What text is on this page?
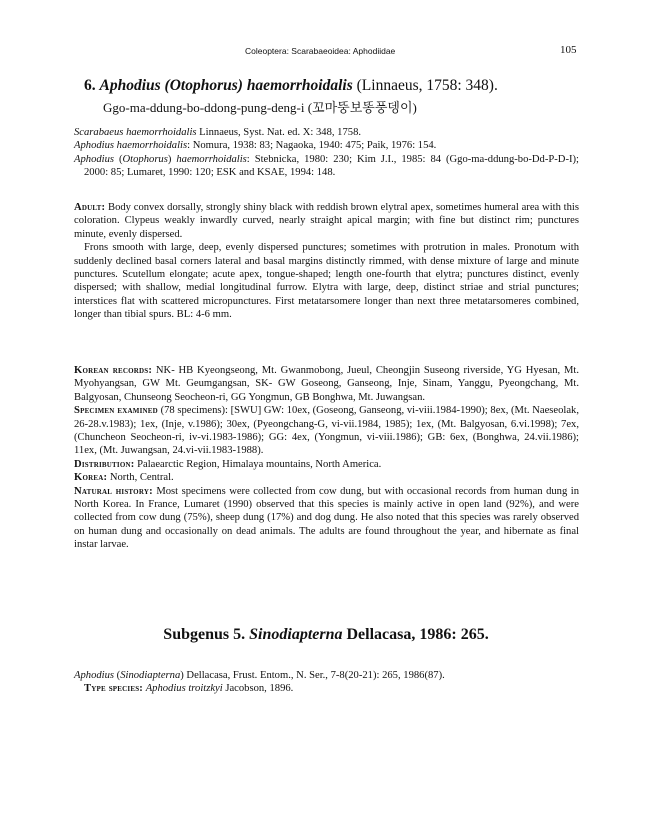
Coleoptera: Scarabaeoidea: Aphodiidae	105
6. Aphodius (Otophorus) haemorrhoidalis (Linnaeus, 1758: 348).
Ggo-ma-ddung-bo-ddong-pung-deng-i (꼬마뚱보똥풍뎅이)

Scarabaeus haemorrhoidalis Linnaeus, Syst. Nat. ed. X: 348, 1758.

Aphodius haemorrhoidalis: Nomura, 1938: 83; Nagaoka, 1940: 475; Paik, 1976: 154.

Aphodius (Otophorus) haemorrhoidalis: Stebnicka, 1980: 230; Kim J.I., 1985: 84 (Ggo-ma-ddung-bo-Dd-P-D-I); 2000: 85; Lumaret, 1990: 120; ESK and KSAE, 1994: 148.

Adult: Body convex dorsally, strongly shiny black with reddish brown elytral apex, sometimes humeral area with this coloration. Clypeus weakly inwardly curved, nearly straight apical margin; with fine but distinct rim; punctures minute, evenly dispersed.

Frons smooth with large, deep, evenly dispersed punctures; sometimes with protrution in males. Pronotum with suddenly declined basal corners lateral and basal margins distinctly rimmed, with dense mixture of large and minute punctures. Scutellum elongate; acute apex, tongue-shaped; length one-fourth that elytra; punctures distinct, evenly dispersed; with shallow, medial longitudinal furrow. Elytra with large, deep, distinct striae and strial punctures; interstices flat with scattered micropunctures. First metatarsomere longer than next three metatarsomeres combined, longer than tibial spurs. BL: 4-6 mm.

Korean records: NK- HB Kyeongseong, Mt. Gwanmobong, Jueul, Cheongjin Suseong riverside, YG Hyesan, Mt. Myohyangsan, GW Mt. Geumgangsan, SK- GW Goseong, Ganseong, Inje, Sinam, Yanggu, Pyeongchang, Mt. Balgyosan, Chunseong Seocheon-ri, GG Yongmun, GB Bonghwa, Mt. Juwangsan.

Specimen examined (78 specimens): [SWU] GW: 10ex, (Goseong, Ganseong, vi-viii.1984-1990); 8ex, (Mt. Naeseolak, 26-28.v.1983); 1ex, (Inje, v.1986); 30ex, (Pyeongchang-G, vi-vii.1984, 1985); 1ex, (Mt. Balgyosan, 6.vi.1998); 7ex, (Chuncheon Seocheon-ri, iv-vi.1983-1986); GG: 4ex, (Yongmun, vi-viii.1986); GB: 6ex, (Bonghwa, 24.vii.1986); 11ex, (Mt. Juwangsan, 24.vi-vii.1983-1988).

Distribution: Palaearctic Region, Himalaya mountains, North America.

Korea: North, Central.

Natural history: Most specimens were collected from cow dung, but with occasional records from human dung in North Korea. In France, Lumaret (1990) observed that this species is mainly active in open land (92%), and were collected from cow dung (75%), sheep dung (17%) and dog dung. He also noted that this species was rarely observed on human dung and occasionally on dead animals. The adults are found throughout the year, and hibernate as final instar larvae.

Subgenus 5. Sinodiapterna Dellacasa, 1986: 265.

Aphodius (Sinodiapterna) Dellacasa, Frust. Entom., N. Ser., 7-8(20-21): 265, 1986(87).

Type species: Aphodius troitzkyi Jacobson, 1896.
